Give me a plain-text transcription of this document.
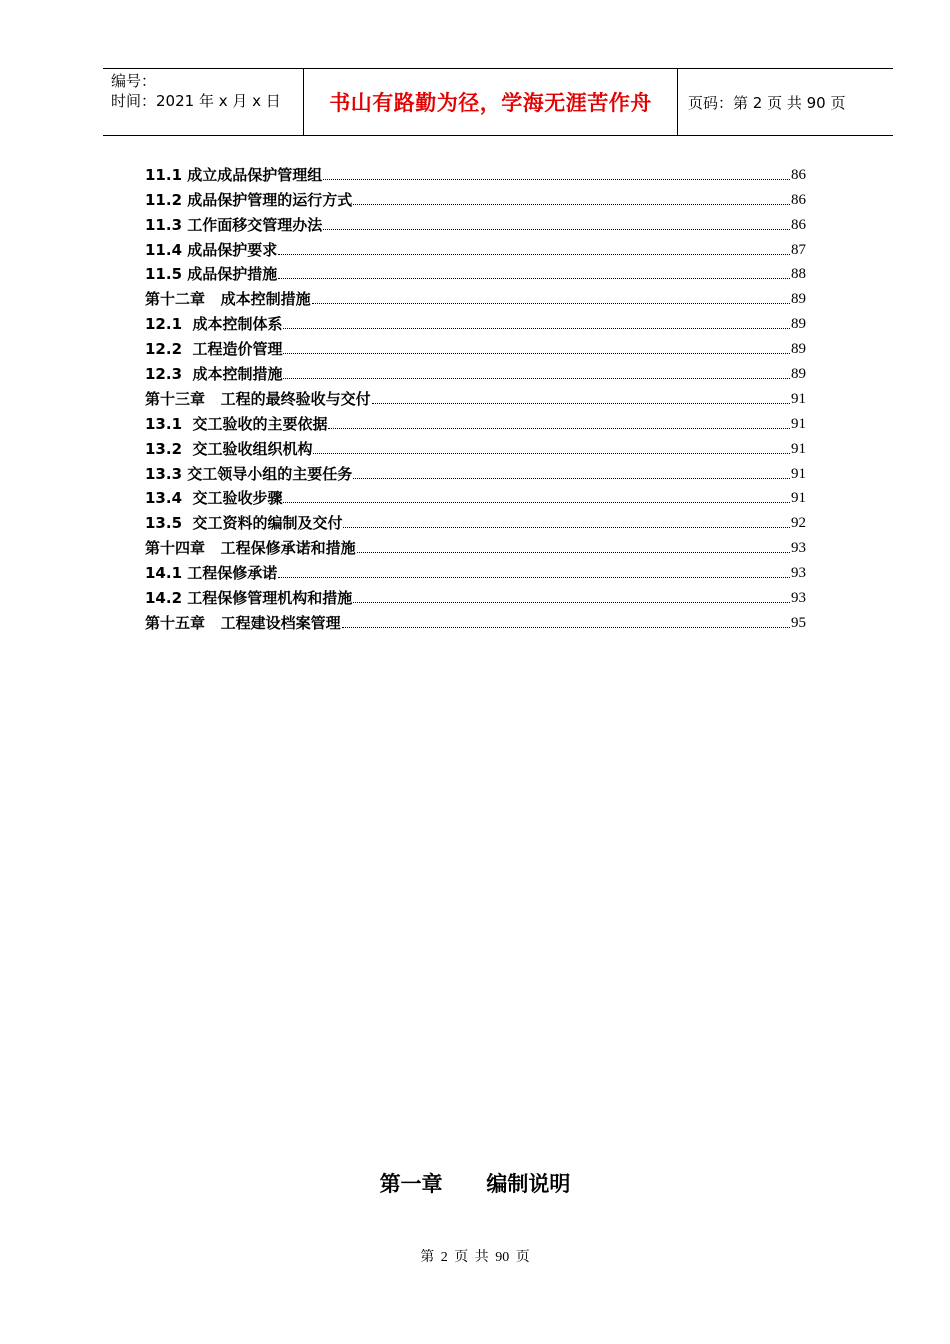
编号：
时间：2021 年 x 月 x 日	书山有路勤为径，学海无涯苦作舟	页码：第 2 页 共 90 页
11.1 成立成品保护管理组	86
11.2 成品保护管理的运行方式	86
11.3 工作面移交管理办法	86
11.4 成品保护要求	87
11.5 成品保护措施	88
第十二章   成本控制措施	89
12.1  成本控制体系	89
12.2  工程造价管理	89
12.3  成本控制措施	89
第十三章   工程的最终验收与交付	91
13.1  交工验收的主要依据	91
13.2  交工验收组织机构	91
13.3 交工领导小组的主要任务	91
13.4  交工验收步骤	91
13.5  交工资料的编制及交付	92
第十四章   工程保修承诺和措施	93
14.1 工程保修承诺	93
14.2 工程保修管理机构和措施	93
第十五章   工程建设档案管理	95
第一章      编制说明
第 2 页 共 90 页
